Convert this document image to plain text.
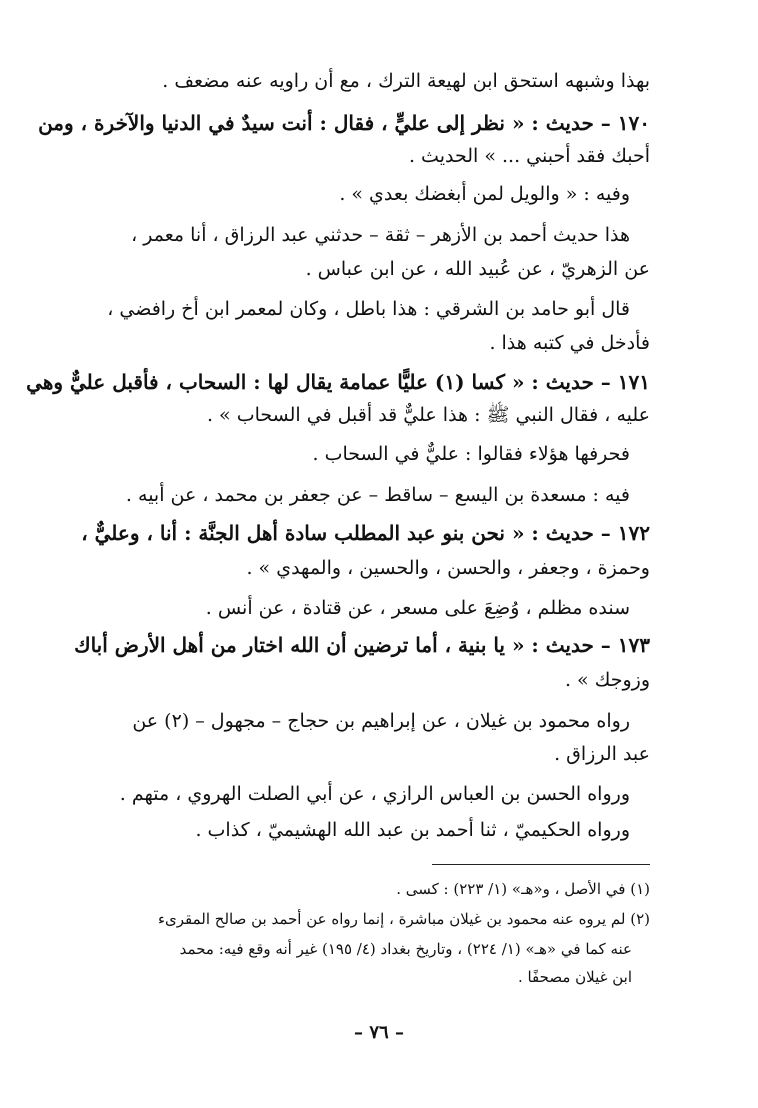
بهذا وشبهه استحق ابن لهيعة الترك ، مع أن راويه عنه مضعف .
١٧٠ – حديث : « نظر إلى عليٍّ ، فقال : أنت سيدٌ في الدنيا والآخرة ، ومن
أحبك فقد أحبني ... » الحديث .
وفيه : « والويل لمن أبغضك بعدي » .
هذا حديث أحمد بن الأزهر – ثقة – حدثني عبد الرزاق ، أنا معمر ،
عن الزهريّ ، عن عُبيد الله ، عن ابن عباس .
قال أبو حامد بن الشرقي : هذا باطل ، وكان لمعمر ابن أخ رافضي ،
فأدخل في كتبه هذا .
١٧١ – حديث : « كسا (١) عليًّا عمامة يقال لها : السحاب ، فأقبل عليٌّ وهي
عليه ، فقال النبي ﷺ : هذا عليٌّ قد أقبل في السحاب » .
فحرفها هؤلاء فقالوا : عليٌّ في السحاب .
فيه : مسعدة بن اليسع – ساقط – عن جعفر بن محمد ، عن أبيه .
١٧٢ – حديث : « نحن بنو عبد المطلب سادة أهل الجنَّة : أنا ، وعليٌّ ،
وحمزة ، وجعفر ، والحسن ، والحسين ، والمهدي » .
سنده مظلم ، وُضِعَ على مسعر ، عن قتادة ، عن أنس .
١٧٣ – حديث : « يا بنية ، أما ترضين أن الله اختار من أهل الأرض أباك
وزوجك » .
رواه محمود بن غيلان ، عن إبراهيم بن حجاج – مجهول – (٢) عن
عبد الرزاق .
ورواه الحسن بن العباس الرازي ، عن أبي الصلت الهروي ، متهم .
ورواه الحكيميّ ، ثنا أحمد بن عبد الله الهشيميّ ، كذاب .
(١) في الأصل ، و«هـ» (١/ ٢٢٣) : كسى .
(٢) لم يروه عنه محمود بن غيلان مباشرة ، إنما رواه عن أحمد بن صالح المقرىء
عنه كما في «هـ» (١/ ٢٢٤) ، وتاريخ بغداد (٤/ ١٩٥) غير أنه وقع فيه: محمد
ابن غيلان مصحفًا .
– ٧٦ –
